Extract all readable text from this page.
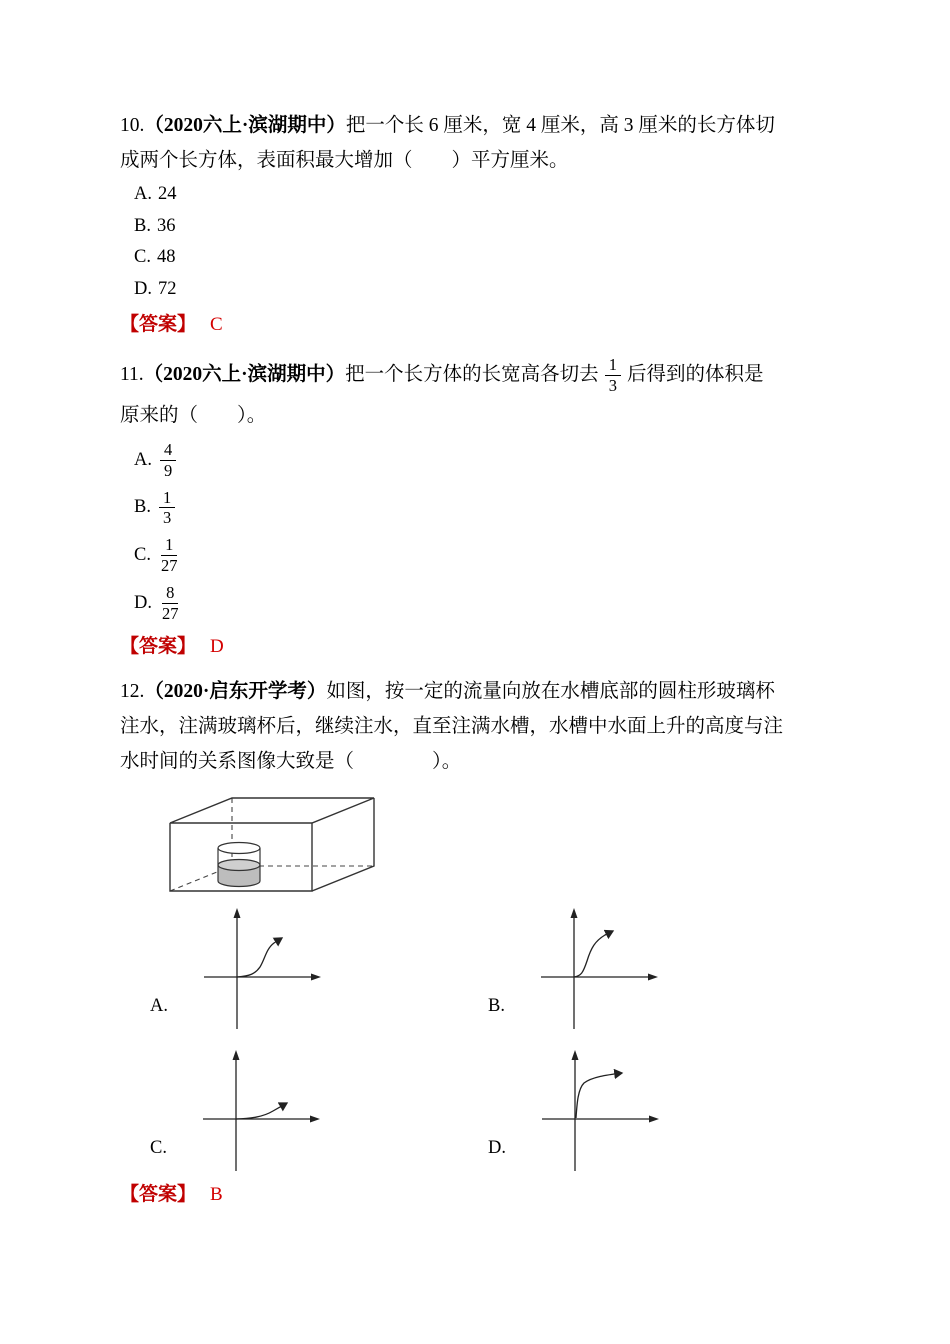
10.（2020六上·滨湖期中）把一个长 6 厘米，宽 4 厘米，高 3 厘米的长方体切

成两个长方体，表面积最大增加（　　）平方厘米。

A. 24

B. 36

C. 48

D. 72

【答案】 C

11.（2020六上·滨湖期中）把一个长方体的长宽高各切去 $\frac{1}{3}$ 后得到的体积是

原来的（　　）。

A. $\frac{4}{9}$
B. $\frac{1}{3}$
C. $\frac{1}{27}$
D. $\frac{8}{27}$

【答案】 D

12.（2020·启东开学考）如图，按一定的流量向放在水槽底部的圆柱形玻璃杯

注水，注满玻璃杯后，继续注水，直至注满水槽，水槽中水面上升的高度与注

水时间的关系图像大致是（　　　　）。

A.	B.
C.	D.

【答案】 B
